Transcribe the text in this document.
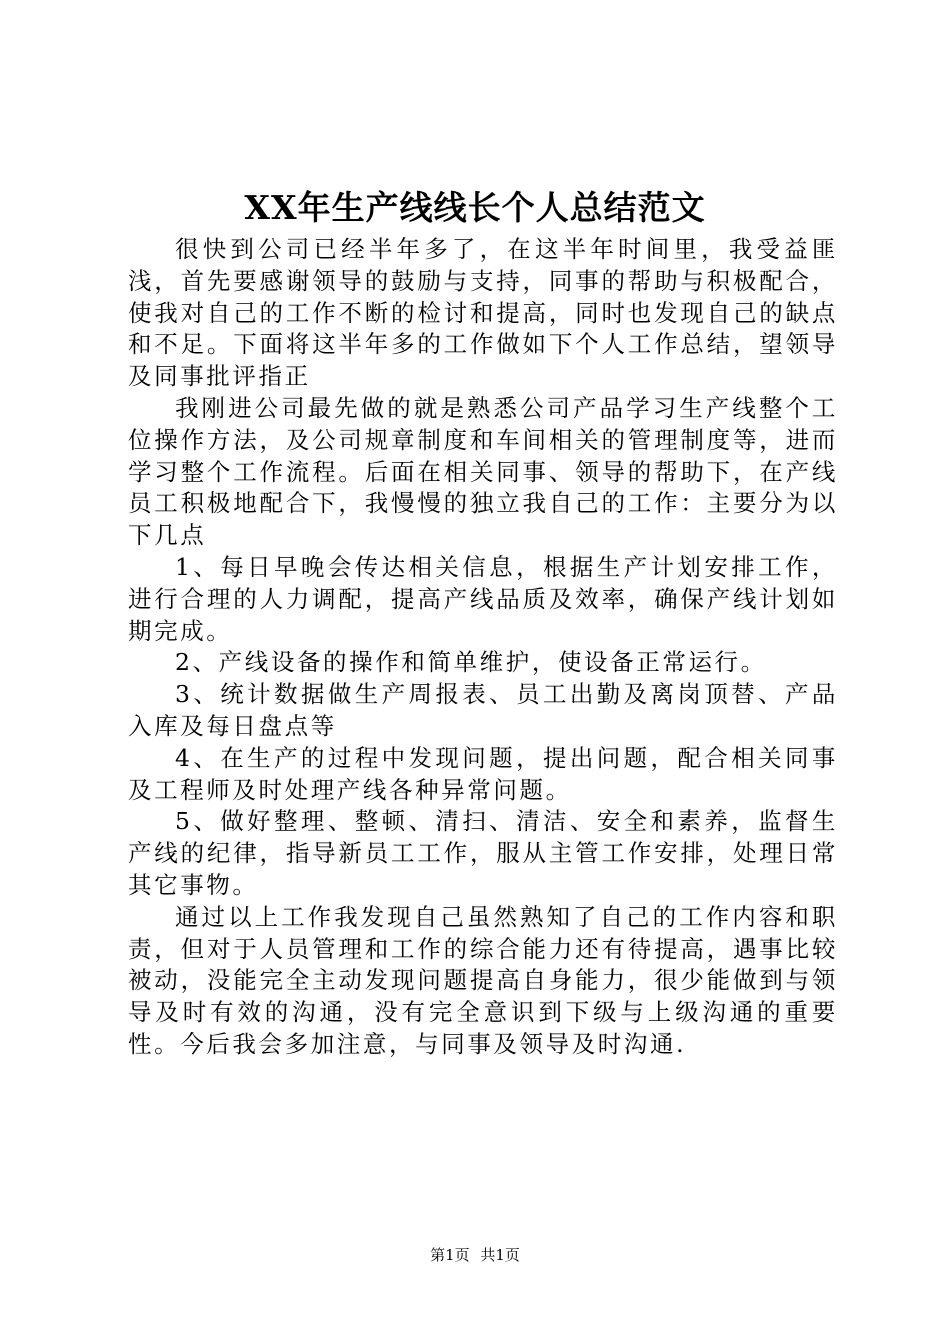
XX年生产线线长个人总结范文

很快到公司已经半年多了，在这半年时间里，我受益匪浅，首先要感谢领导的鼓励与支持，同事的帮助与积极配合，使我对自己的工作不断的检讨和提高，同时也发现自己的缺点和不足。下面将这半年多的工作做如下个人工作总结，望领导及同事批评指正

我刚进公司最先做的就是熟悉公司产品学习生产线整个工位操作方法，及公司规章制度和车间相关的管理制度等，进而学习整个工作流程。后面在相关同事、领导的帮助下，在产线员工积极地配合下，我慢慢的独立我自己的工作：主要分为以下几点

1、每日早晚会传达相关信息，根据生产计划安排工作，进行合理的人力调配，提高产线品质及效率，确保产线计划如期完成。

2、产线设备的操作和简单维护，使设备正常运行。

3、统计数据做生产周报表、员工出勤及离岗顶替、产品入库及每日盘点等

4、在生产的过程中发现问题，提出问题，配合相关同事及工程师及时处理产线各种异常问题。

5、做好整理、整顿、清扫、清洁、安全和素养，监督生产线的纪律，指导新员工工作，服从主管工作安排，处理日常其它事物。

通过以上工作我发现自己虽然熟知了自己的工作内容和职责，但对于人员管理和工作的综合能力还有待提高，遇事比较被动，没能完全主动发现问题提高自身能力，很少能做到与领导及时有效的沟通，没有完全意识到下级与上级沟通的重要性。今后我会多加注意，与同事及领导及时沟通.

第1页 共1页
